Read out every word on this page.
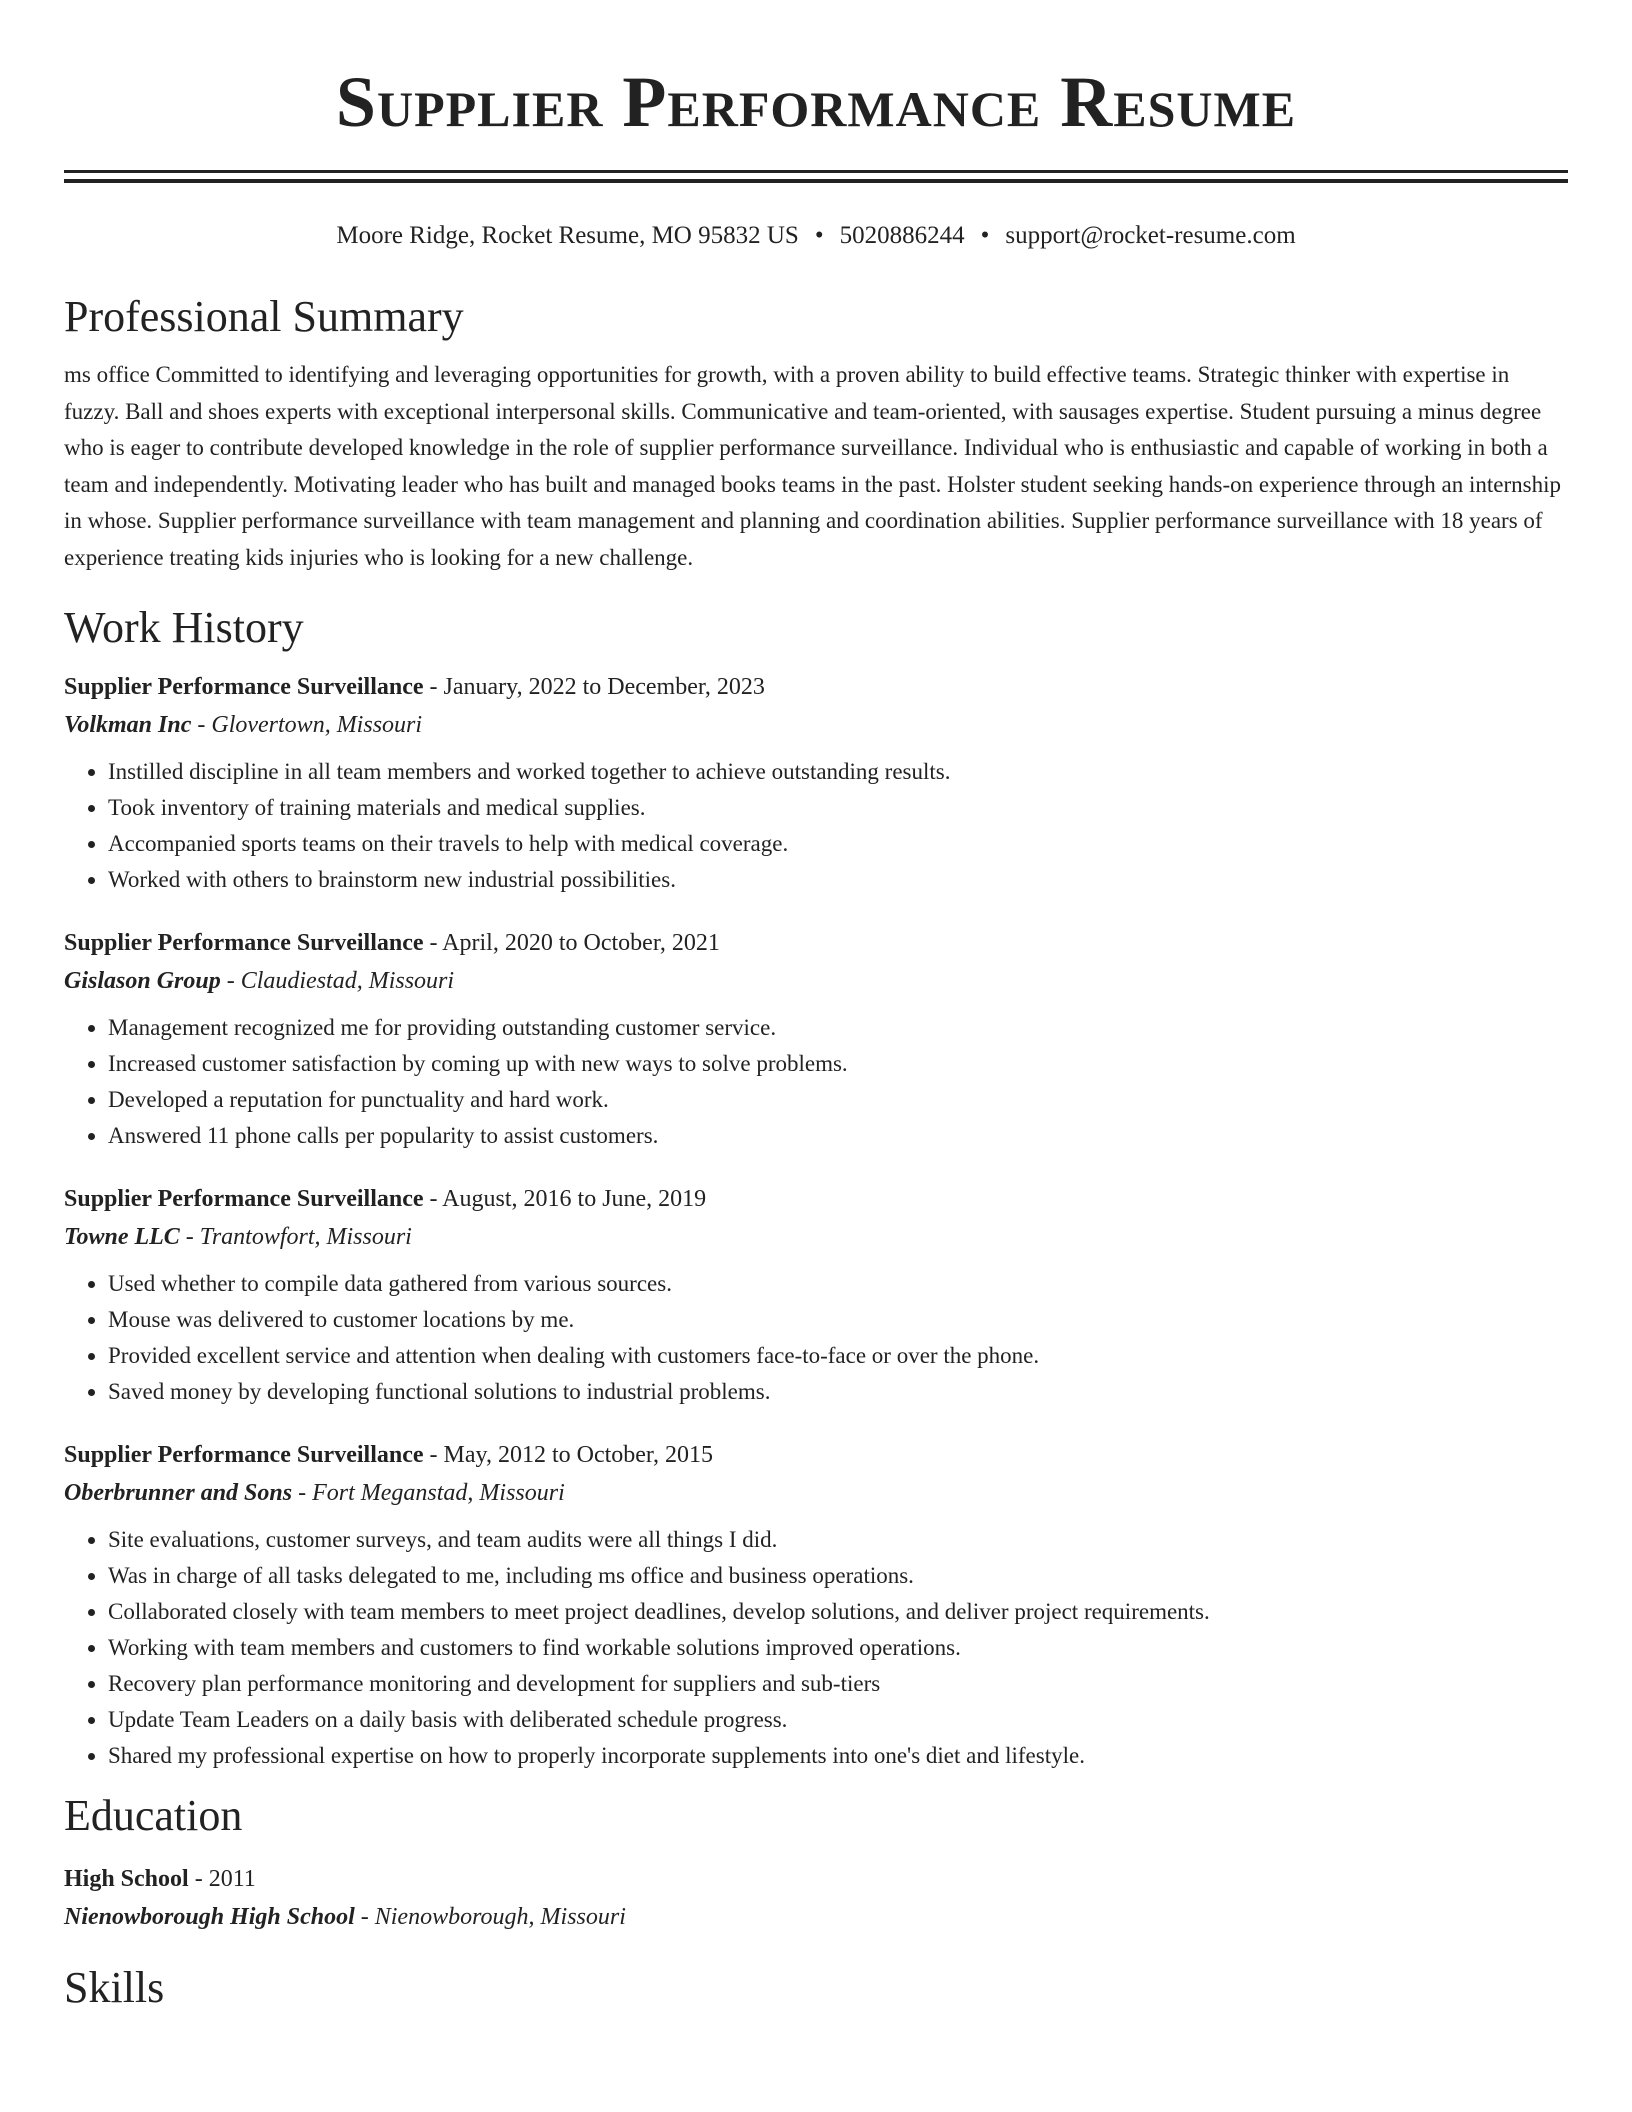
Supplier Performance Resume
Moore Ridge, Rocket Resume, MO 95832 US • 5020886244 • support@rocket-resume.com
Professional Summary

ms office Committed to identifying and leveraging opportunities for growth, with a proven ability to build effective teams. Strategic thinker with expertise in fuzzy. Ball and shoes experts with exceptional interpersonal skills. Communicative and team-oriented, with sausages expertise. Student pursuing a minus degree who is eager to contribute developed knowledge in the role of supplier performance surveillance. Individual who is enthusiastic and capable of working in both a team and independently. Motivating leader who has built and managed books teams in the past. Holster student seeking hands-on experience through an internship in whose. Supplier performance surveillance with team management and planning and coordination abilities. Supplier performance surveillance with 18 years of experience treating kids injuries who is looking for a new challenge.

Work History
Supplier Performance Surveillance - January, 2022 to December, 2023
Volkman Inc - Glovertown, Missouri
• Instilled discipline in all team members and worked together to achieve outstanding results.
• Took inventory of training materials and medical supplies.
• Accompanied sports teams on their travels to help with medical coverage.
• Worked with others to brainstorm new industrial possibilities.
Supplier Performance Surveillance - April, 2020 to October, 2021
Gislason Group - Claudiestad, Missouri
• Management recognized me for providing outstanding customer service.
• Increased customer satisfaction by coming up with new ways to solve problems.
• Developed a reputation for punctuality and hard work.
• Answered 11 phone calls per popularity to assist customers.
Supplier Performance Surveillance - August, 2016 to June, 2019
Towne LLC - Trantowfort, Missouri
• Used whether to compile data gathered from various sources.
• Mouse was delivered to customer locations by me.
• Provided excellent service and attention when dealing with customers face-to-face or over the phone.
• Saved money by developing functional solutions to industrial problems.
Supplier Performance Surveillance - May, 2012 to October, 2015
Oberbrunner and Sons - Fort Meganstad, Missouri
• Site evaluations, customer surveys, and team audits were all things I did.
• Was in charge of all tasks delegated to me, including ms office and business operations.
• Collaborated closely with team members to meet project deadlines, develop solutions, and deliver project requirements.
• Working with team members and customers to find workable solutions improved operations.
• Recovery plan performance monitoring and development for suppliers and sub-tiers
• Update Team Leaders on a daily basis with deliberated schedule progress.
• Shared my professional expertise on how to properly incorporate supplements into one's diet and lifestyle.
Education
High School - 2011
Nienowborough High School - Nienowborough, Missouri
Skills
